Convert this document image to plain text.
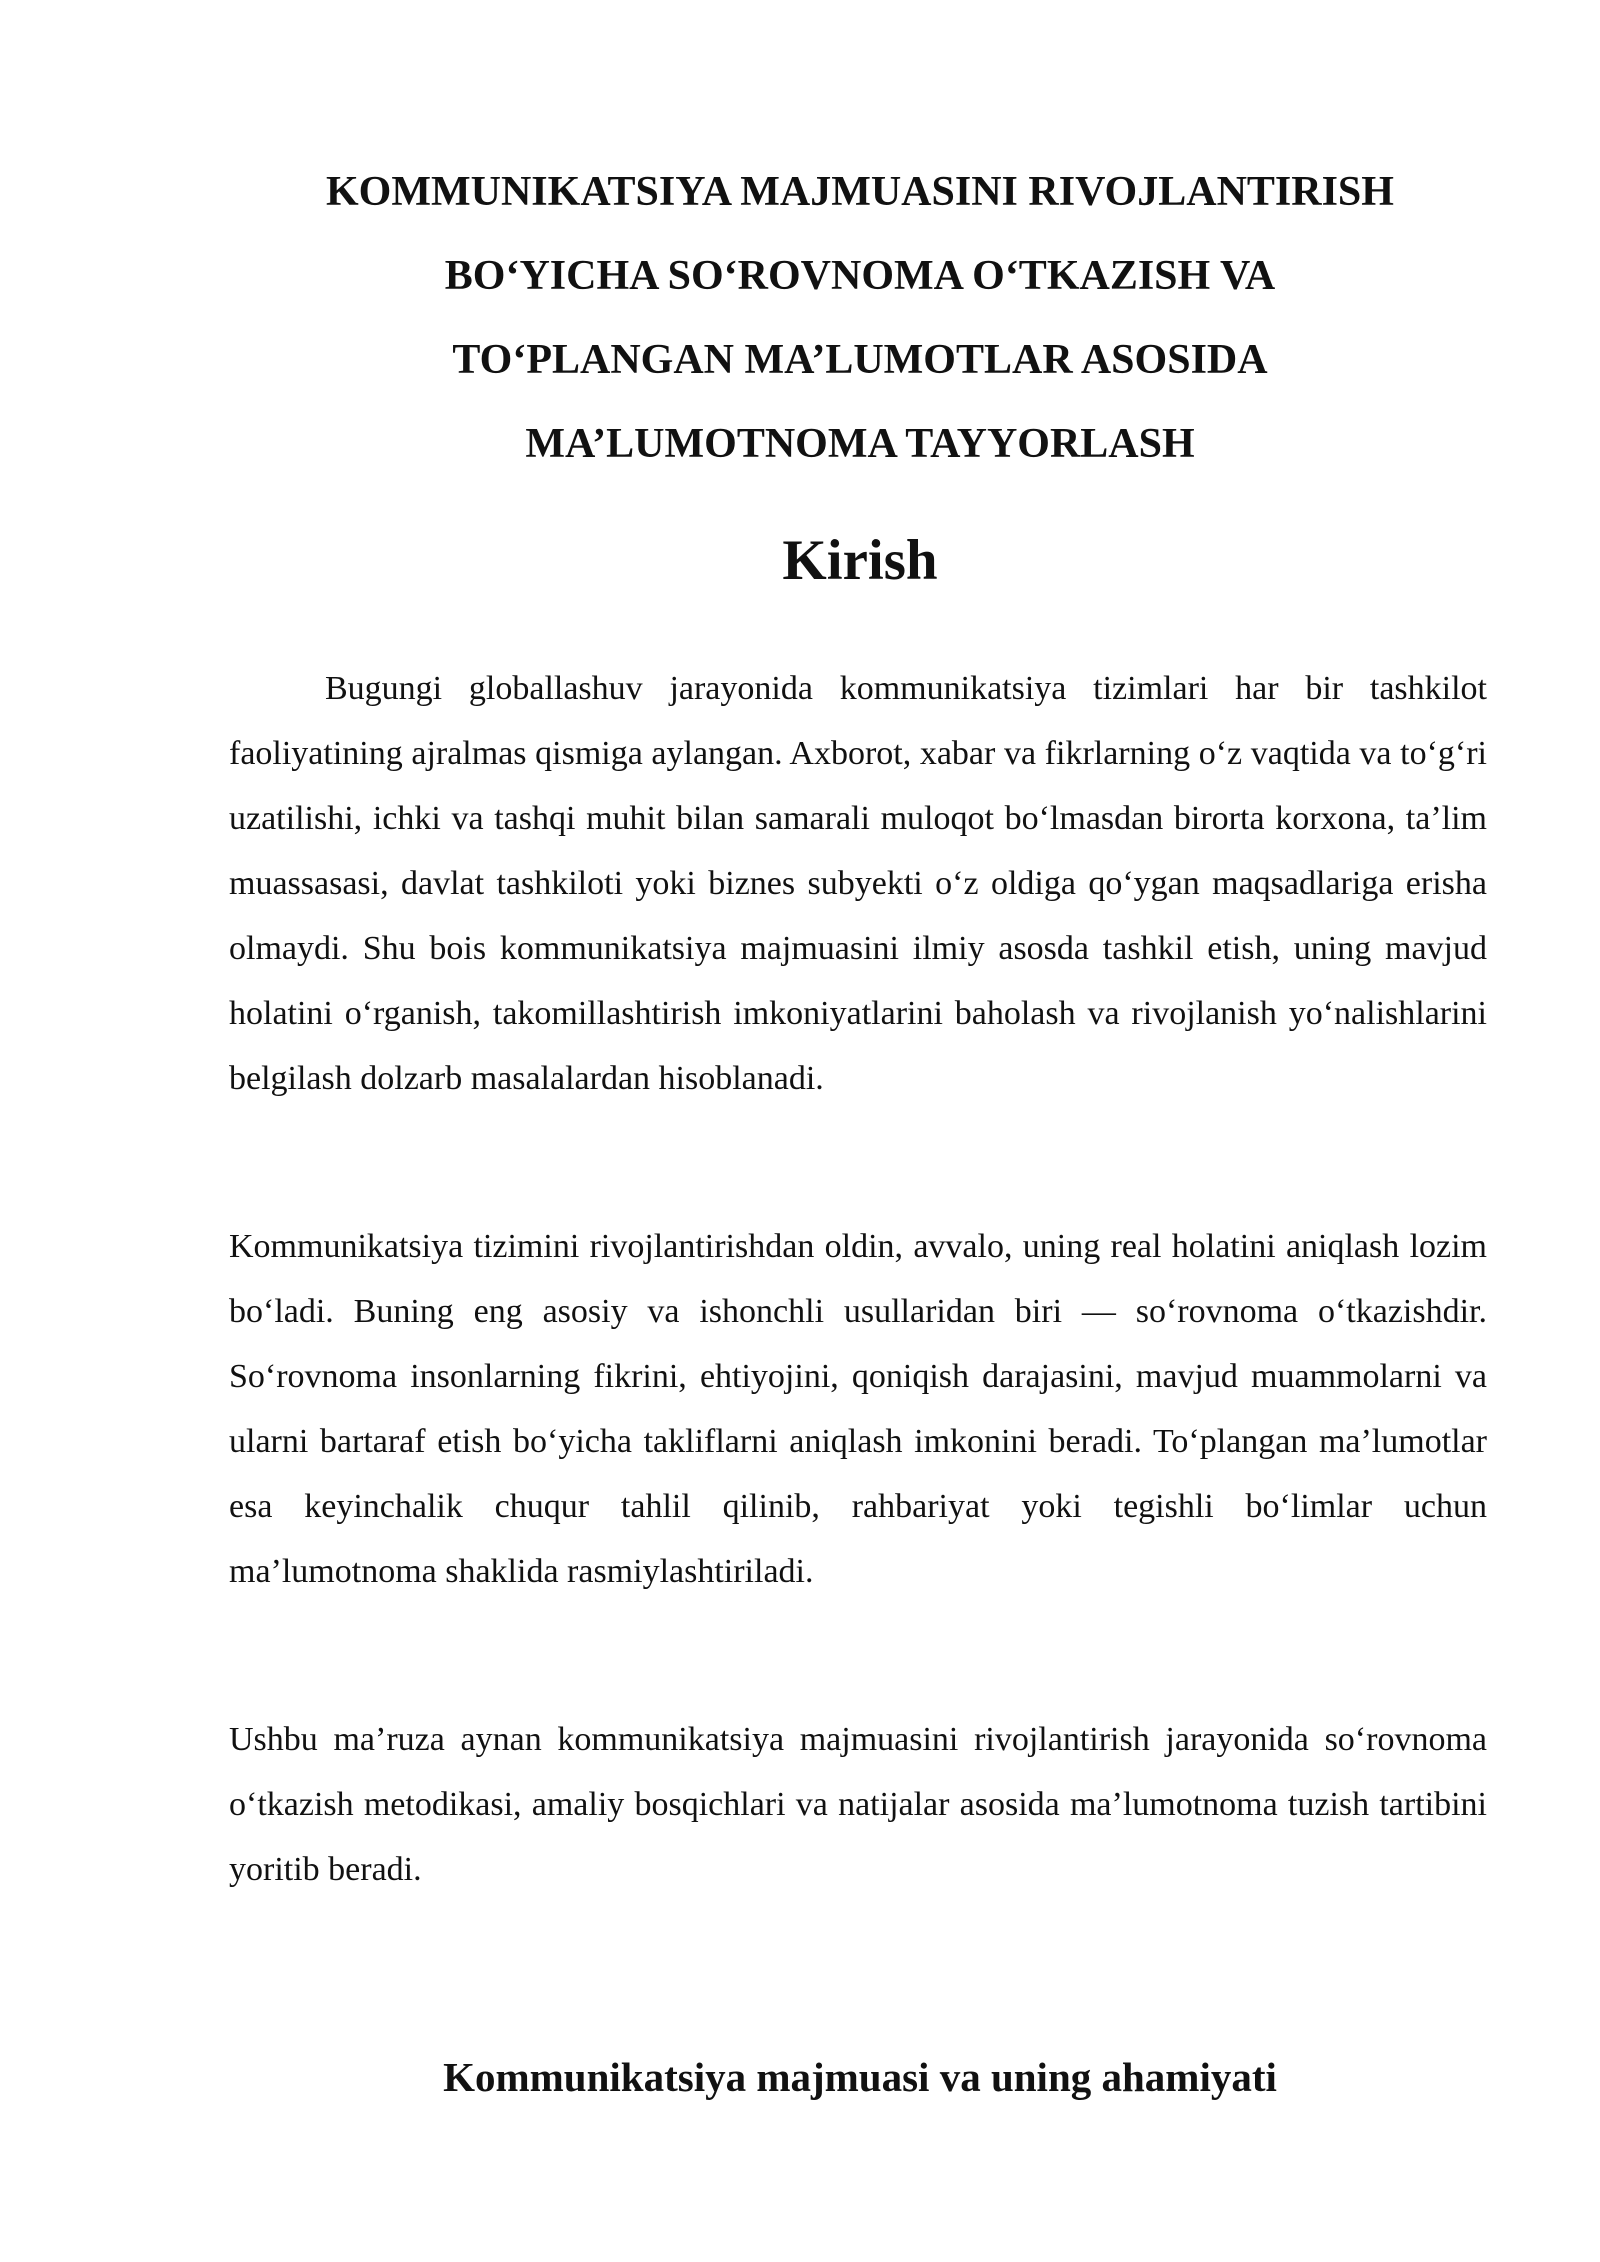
KOMMUNIKATSIYA MAJMUASINI RIVOJLANTIRISH
BO‘YICHA SO‘ROVNOMA O‘TKAZISH VA
TO‘PLANGAN MA’LUMOTLAR ASOSIDA
MA’LUMOTNOMA TAYYORLASH
Kirish

Bugungi globallashuv jarayonida kommunikatsiya tizimlari har bir tashkilot faoliyatining ajralmas qismiga aylangan. Axborot, xabar va fikrlarning o‘z vaqtida va to‘g‘ri uzatilishi, ichki va tashqi muhit bilan samarali muloqot bo‘lmasdan birorta korxona, ta’lim muassasasi, davlat tashkiloti yoki biznes subyekti o‘z oldiga qo‘ygan maqsadlariga erisha olmaydi. Shu bois kommunikatsiya majmuasini ilmiy asosda tashkil etish, uning mavjud holatini o‘rganish, takomillashtirish imkoniyatlarini baholash va rivojlanish yo‘nalishlarini belgilash dolzarb masalalardan hisoblanadi.

Kommunikatsiya tizimini rivojlantirishdan oldin, avvalo, uning real holatini aniqlash lozim bo‘ladi. Buning eng asosiy va ishonchli usullaridan biri — so‘rovnoma o‘tkazishdir. So‘rovnoma insonlarning fikrini, ehtiyojini, qoniqish darajasini, mavjud muammolarni va ularni bartaraf etish bo‘yicha takliflarni aniqlash imkonini beradi. To‘plangan ma’lumotlar esa keyinchalik chuqur tahlil qilinib, rahbariyat yoki tegishli bo‘limlar uchun ma’lumotnoma shaklida rasmiylashtiriladi.

Ushbu ma’ruza aynan kommunikatsiya majmuasini rivojlantirish jarayonida so‘rovnoma o‘tkazish metodikasi, amaliy bosqichlari va natijalar asosida ma’lumotnoma tuzish tartibini yoritib beradi.

Kommunikatsiya majmuasi va uning ahamiyati
